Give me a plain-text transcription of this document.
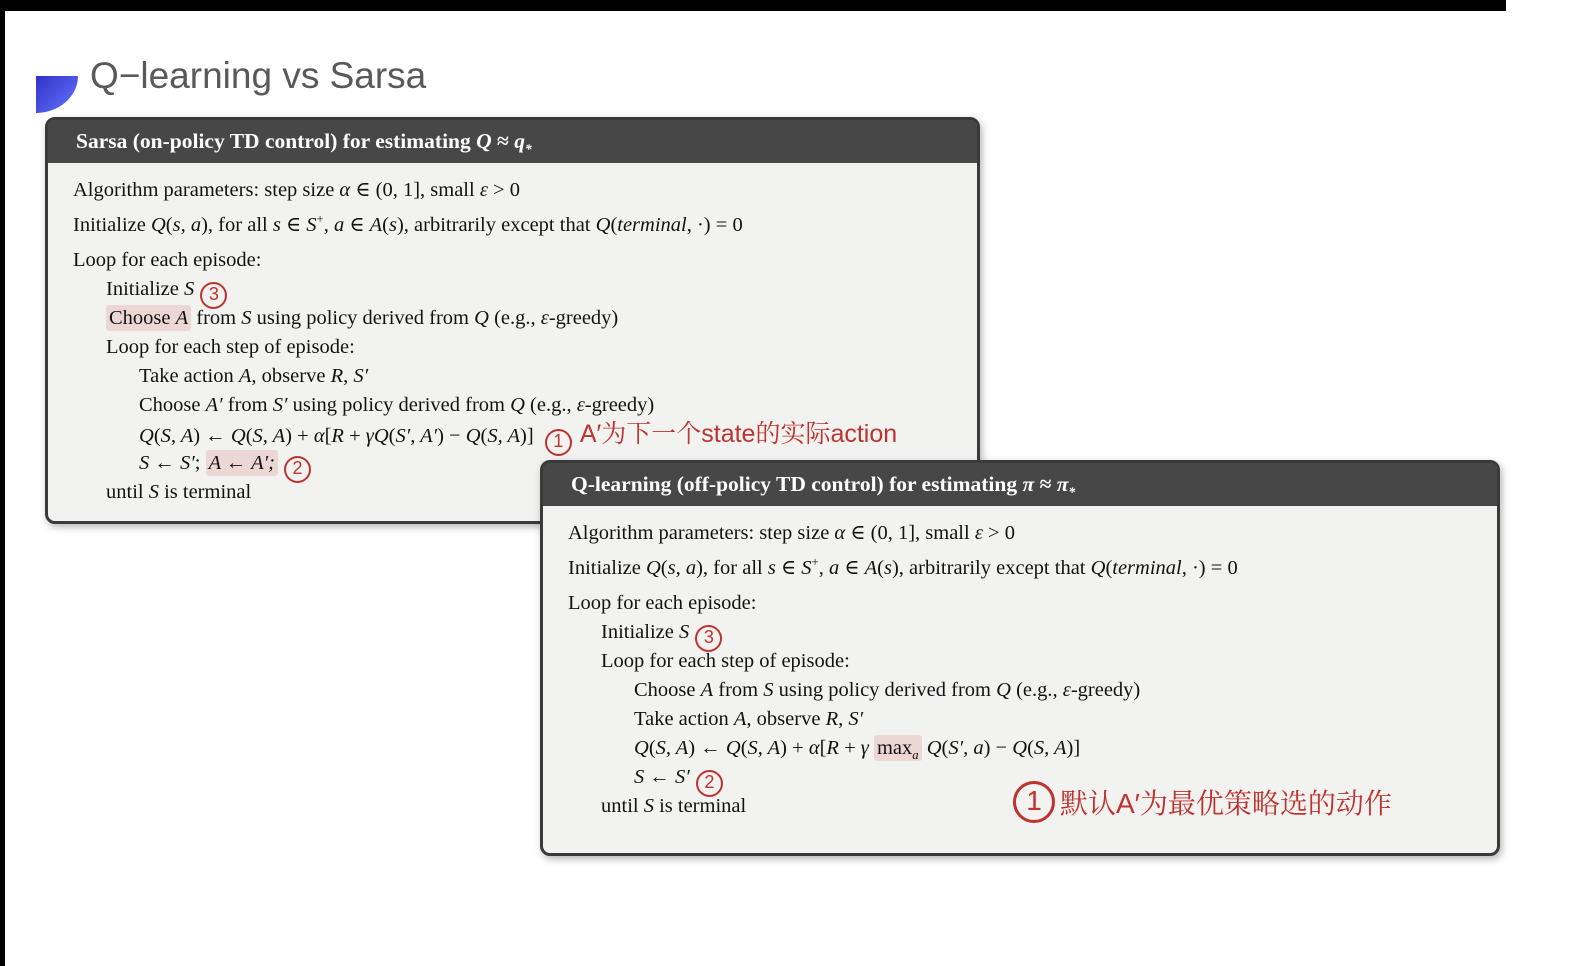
Q−learning vs Sarsa
Sarsa (on-policy TD control) for estimating $Q \approx q_*$
Algorithm parameters: step size α ∈ (0, 1], small ε > 0
Initialize Q(s, a), for all s ∈ S+, a ∈ A(s), arbitrarily except that Q(terminal, ·) = 0
Loop for each episode:
Initialize S 3
Choose A from S using policy derived from Q (e.g., ε-greedy)
Loop for each step of episode:
Take action A, observe R, S′
Choose A′ from S′ using policy derived from Q (e.g., ε-greedy)
Q(S, A) ← Q(S, A) + α[R + γQ(S′, A′) − Q(S, A)] 1 A′为下一个state的实际action
S ← S′; A ← A′; 2
until S is terminal	Q-learning (off-policy TD control) for estimating $\pi \approx \pi_*$
Algorithm parameters: step size α ∈ (0, 1], small ε > 0
Initialize Q(s, a), for all s ∈ S+, a ∈ A(s), arbitrarily except that Q(terminal, ·) = 0
Loop for each episode:
Initialize S 3
Loop for each step of episode:
Choose A from S using policy derived from Q (e.g., ε-greedy)
Take action A, observe R, S′
Q(S, A) ← Q(S, A) + α[R + γ $\max_a Q(S'$, a) − Q(S, A)]
S ← S′ 2
until S is terminal	1 默认A′为最优策略选的动作
